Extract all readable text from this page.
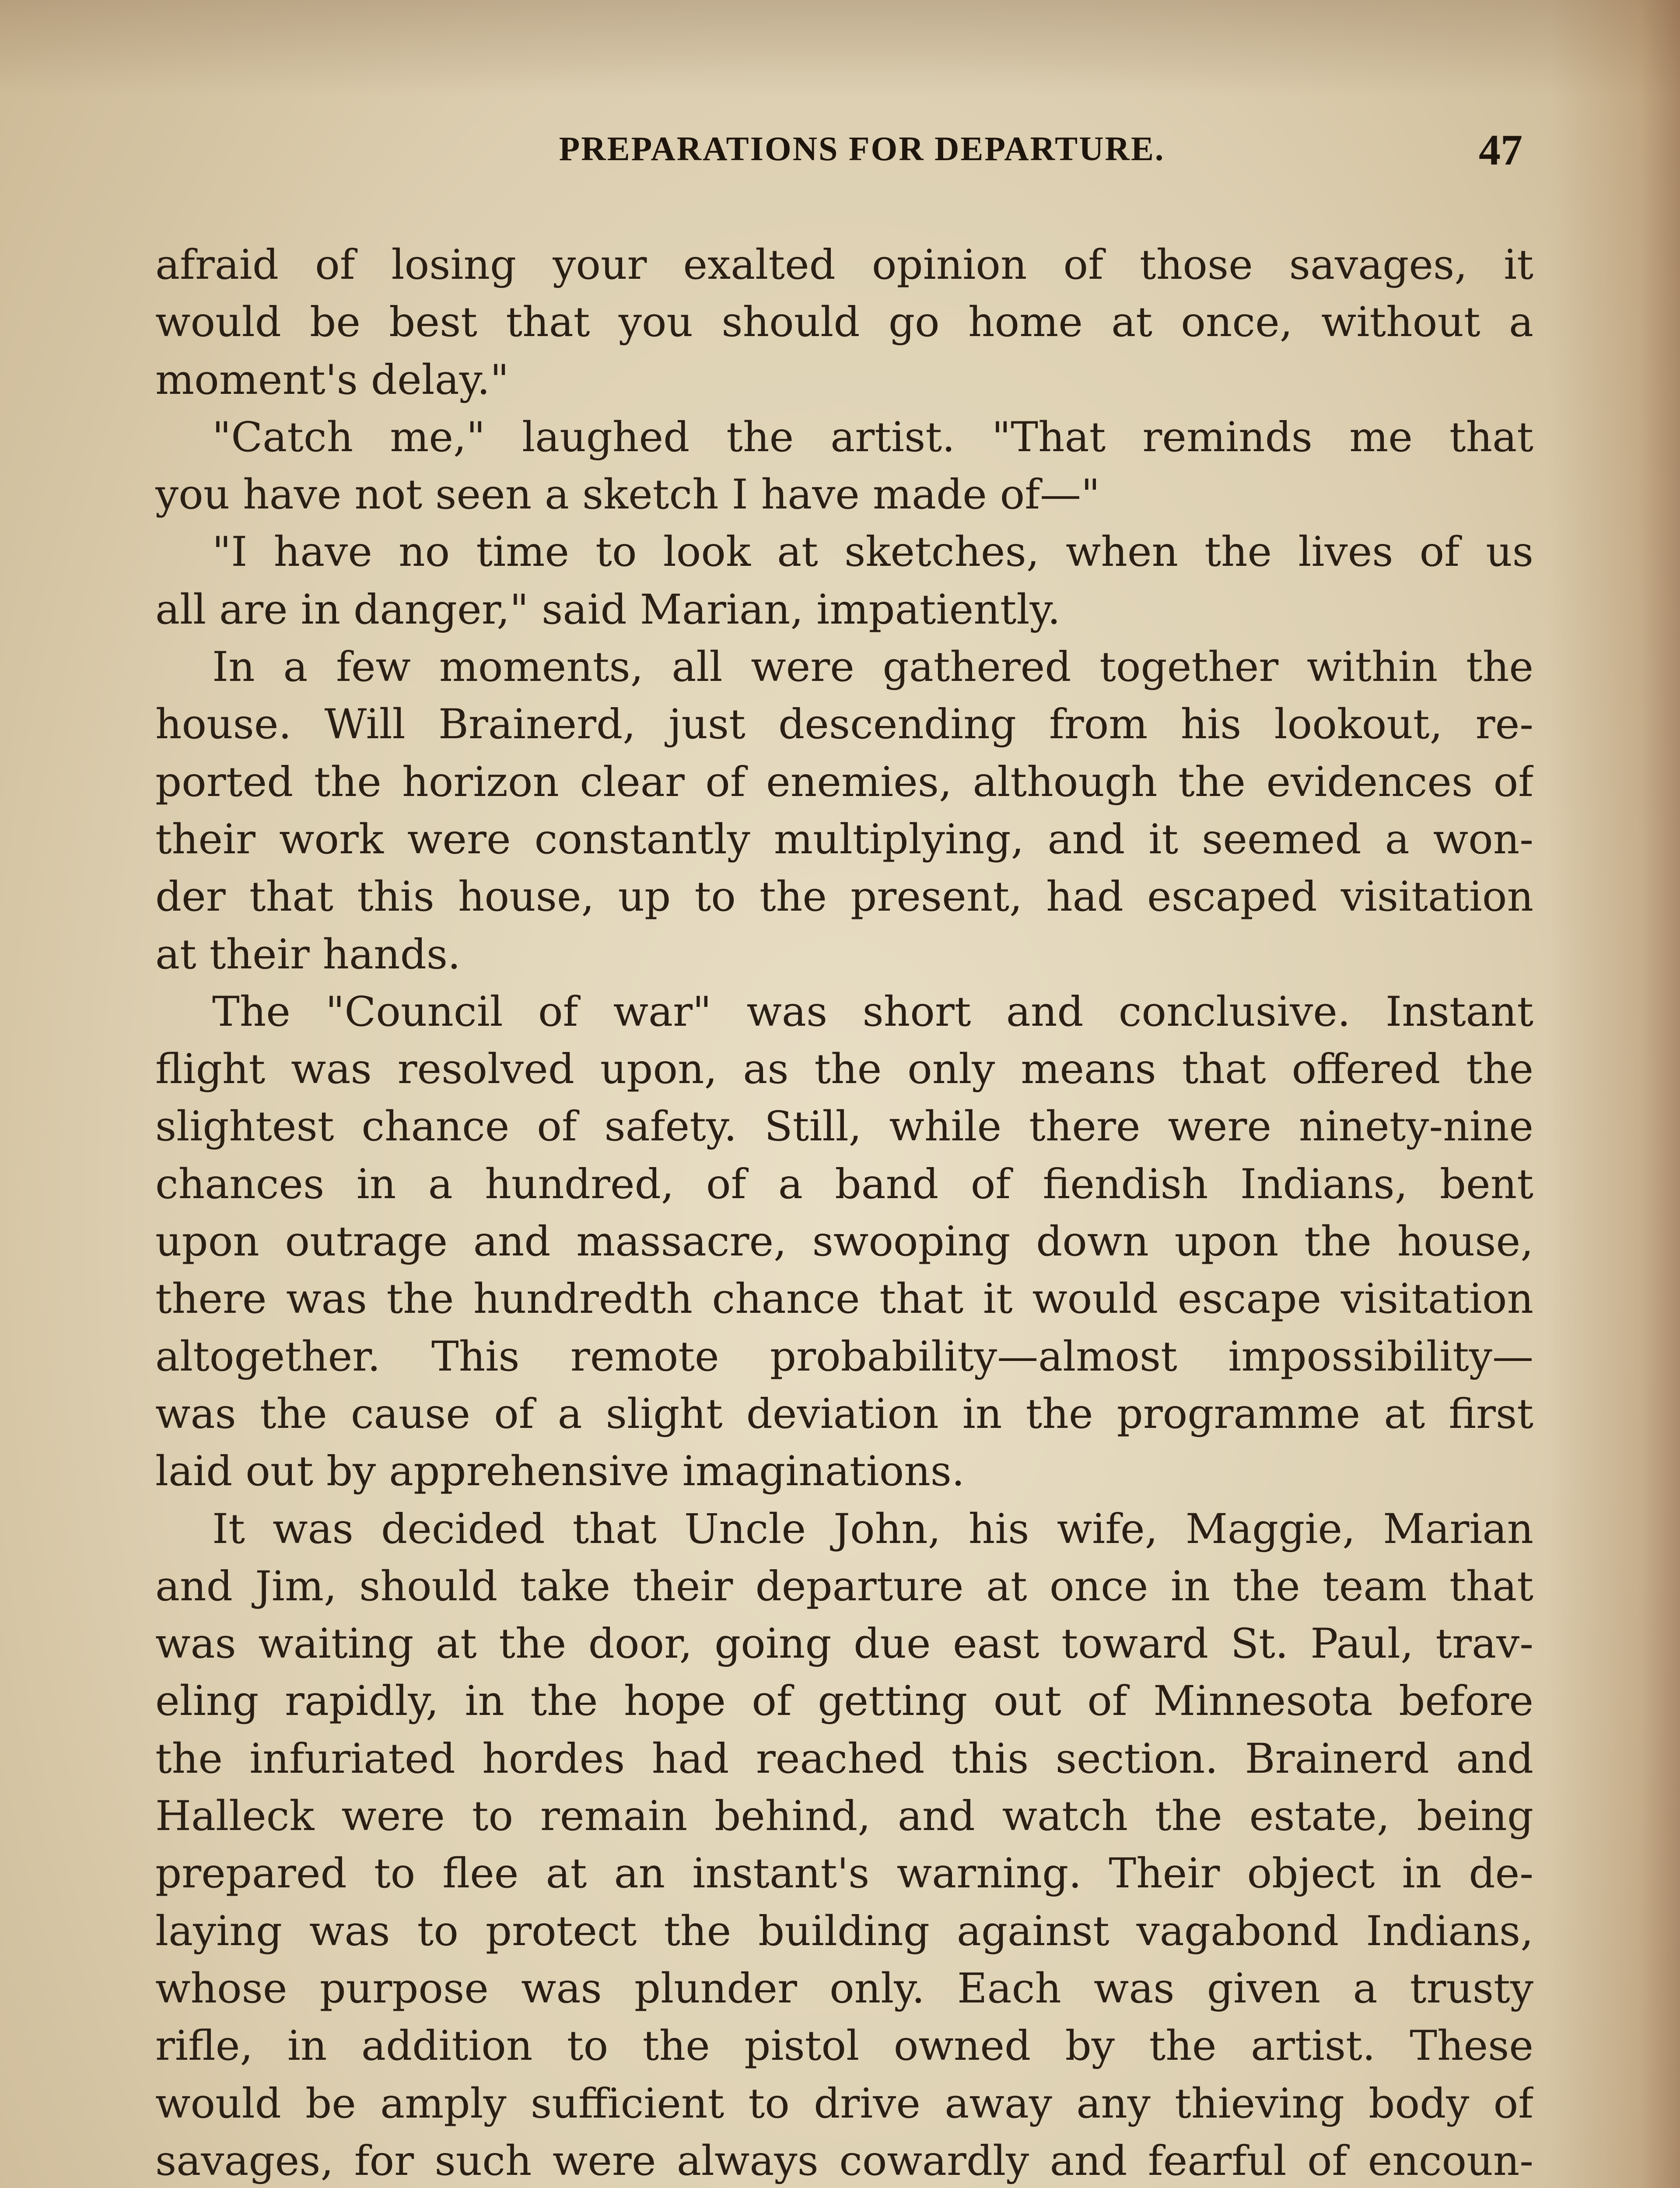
PREPARATIONS FOR DEPARTURE.	47
afraid of losing your exalted opinion of those savages, it
would be best that you should go home at once, without a
moment's delay."
"Catch me," laughed the artist. "That reminds me that
you have not seen a sketch I have made of—"
"I have no time to look at sketches, when the lives of us
all are in danger," said Marian, impatiently.
In a few moments, all were gathered together within the
house. Will Brainerd, just descending from his lookout, re-
ported the horizon clear of enemies, although the evidences of
their work were constantly multiplying, and it seemed a won-
der that this house, up to the present, had escaped visitation
at their hands.
The "Council of war" was short and conclusive. Instant
flight was resolved upon, as the only means that offered the
slightest chance of safety. Still, while there were ninety-nine
chances in a hundred, of a band of fiendish Indians, bent
upon outrage and massacre, swooping down upon the house,
there was the hundredth chance that it would escape visitation
altogether. This remote probability—almost impossibility—
was the cause of a slight deviation in the programme at first
laid out by apprehensive imaginations.
It was decided that Uncle John, his wife, Maggie, Marian
and Jim, should take their departure at once in the team that
was waiting at the door, going due east toward St. Paul, trav-
eling rapidly, in the hope of getting out of Minnesota before
the infuriated hordes had reached this section. Brainerd and
Halleck were to remain behind, and watch the estate, being
prepared to flee at an instant's warning. Their object in de-
laying was to protect the building against vagabond Indians,
whose purpose was plunder only. Each was given a trusty
rifle, in addition to the pistol owned by the artist. These
would be amply sufficient to drive away any thieving body of
savages, for such were always cowardly and fearful of encoun-
